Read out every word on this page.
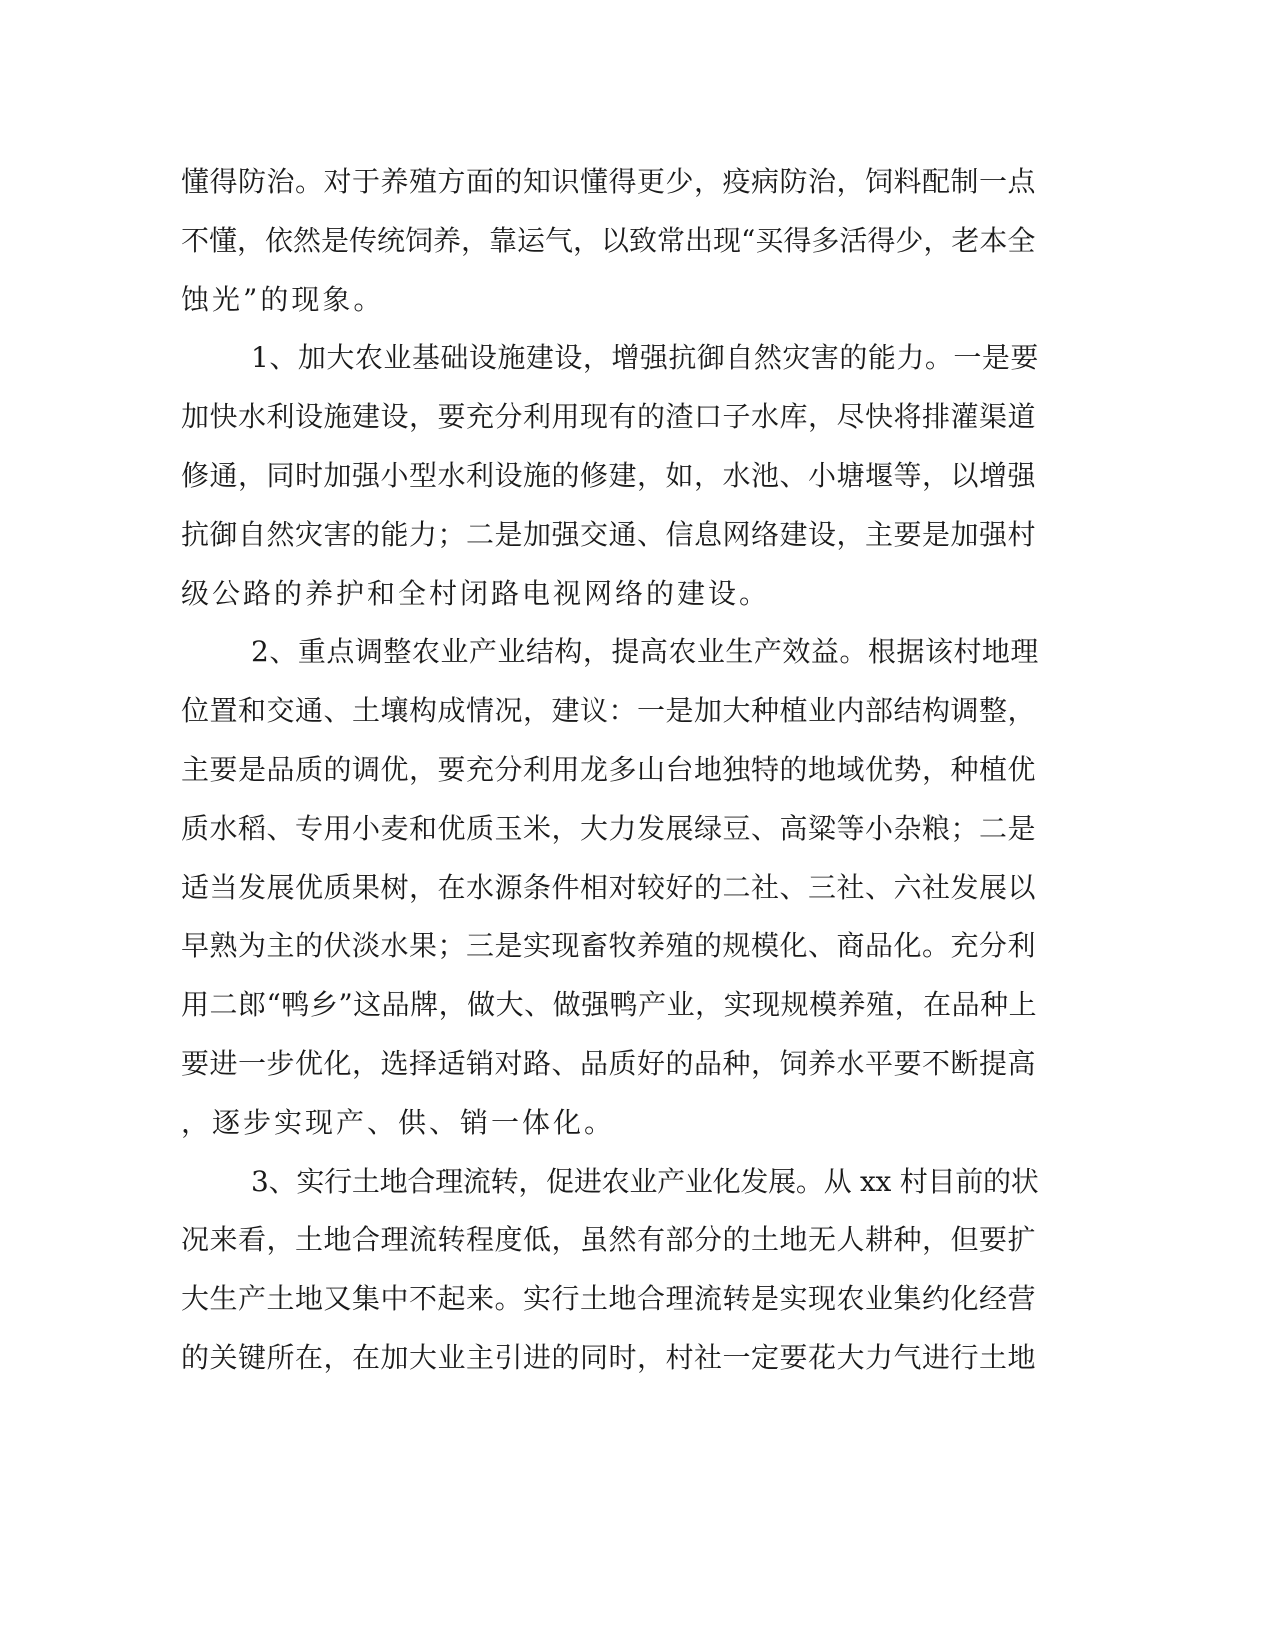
懂得防治。对于养殖方面的知识懂得更少，疫病防治，饲料配制一点
不懂，依然是传统饲养，靠运气，以致常出现“买得多活得少，老本全
蚀光”的现象。
1、加大农业基础设施建设，增强抗御自然灾害的能力。一是要
加快水利设施建设，要充分利用现有的渣口子水库，尽快将排灌渠道
修通，同时加强小型水利设施的修建，如，水池、小塘堰等，以增强
抗御自然灾害的能力；二是加强交通、信息网络建设，主要是加强村
级公路的养护和全村闭路电视网络的建设。
2、重点调整农业产业结构，提高农业生产效益。根据该村地理
位置和交通、土壤构成情况，建议：一是加大种植业内部结构调整，
主要是品质的调优，要充分利用龙多山台地独特的地域优势，种植优
质水稻、专用小麦和优质玉米，大力发展绿豆、高粱等小杂粮；二是
适当发展优质果树，在水源条件相对较好的二社、三社、六社发展以
早熟为主的伏淡水果；三是实现畜牧养殖的规模化、商品化。充分利
用二郎“鸭乡”这品牌，做大、做强鸭产业，实现规模养殖，在品种上
要进一步优化，选择适销对路、品质好的品种，饲养水平要不断提高
，逐步实现产、供、销一体化。
3、实行土地合理流转，促进农业产业化发展。从 xx 村目前的状
况来看，土地合理流转程度低，虽然有部分的土地无人耕种，但要扩
大生产土地又集中不起来。实行土地合理流转是实现农业集约化经营
的关键所在，在加大业主引进的同时，村社一定要花大力气进行土地
